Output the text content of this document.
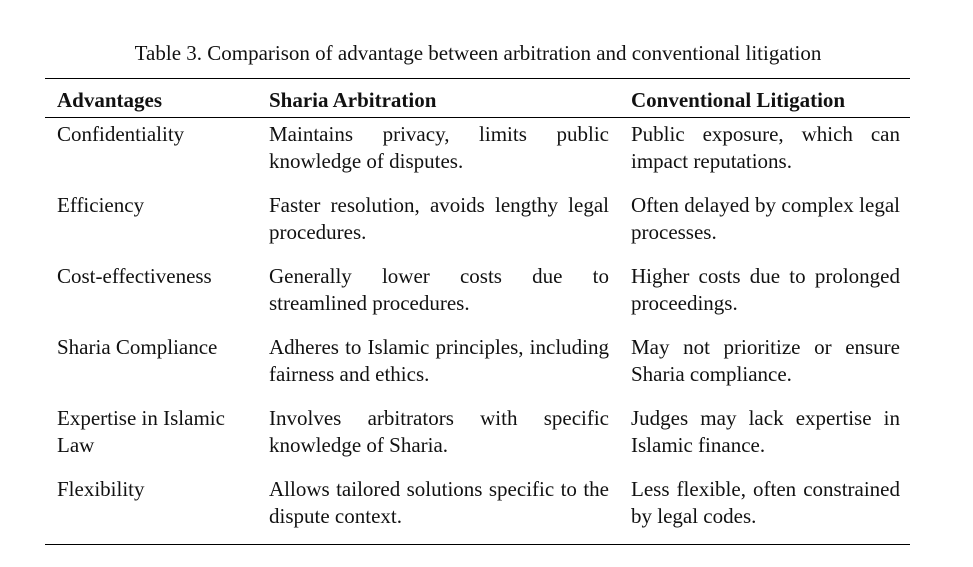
Table 3. Comparison of advantage between arbitration and conventional litigation
Advantages	Sharia Arbitration	Conventional Litigation
Confidentiality	Maintains privacy, limits public knowledge of disputes.	Public exposure, which can impact reputations.
Efficiency	Faster resolution, avoids lengthy legal procedures.	Often delayed by complex legal processes.
Cost-effectiveness	Generally lower costs due to streamlined procedures.	Higher costs due to prolonged proceedings.
Sharia Compliance	Adheres to Islamic principles, including fairness and ethics.	May not prioritize or ensure Sharia compliance.
Expertise in Islamic Law	Involves arbitrators with specific knowledge of Sharia.	Judges may lack expertise in Islamic finance.
Flexibility	Allows tailored solutions specific to the dispute context.	Less flexible, often constrained by legal codes.
